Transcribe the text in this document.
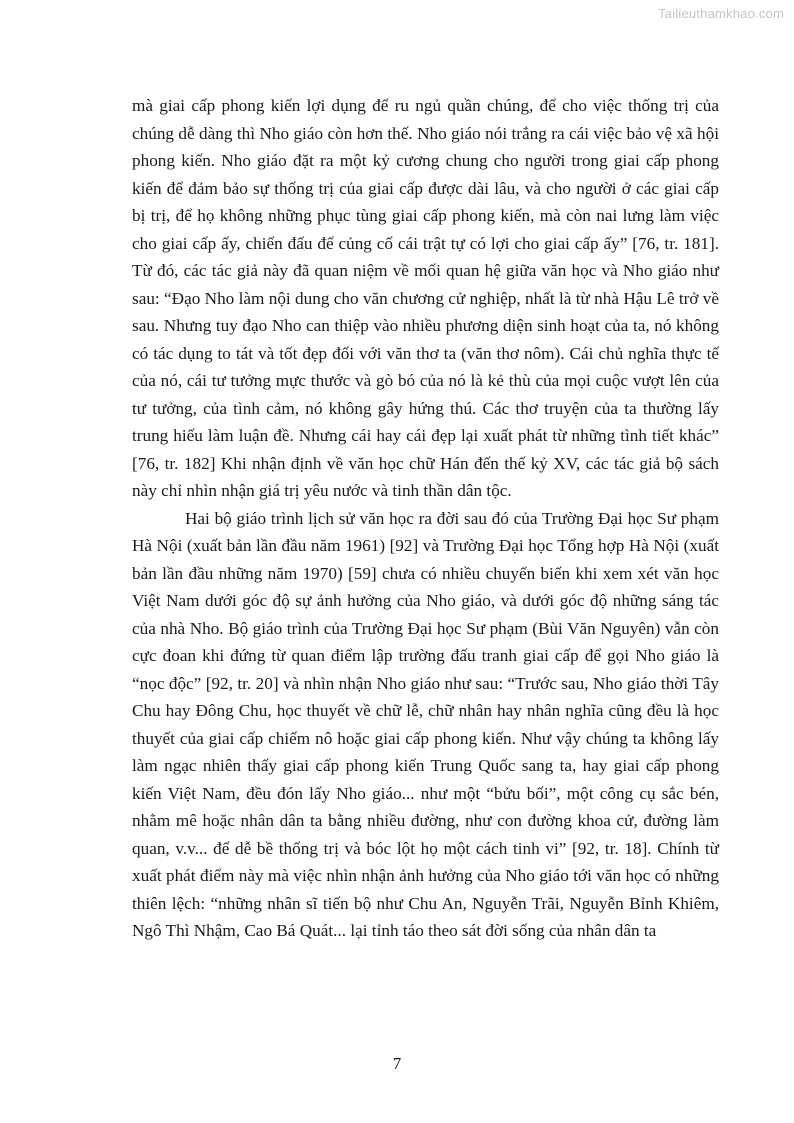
Tailieuthamkhao.com

mà giai cấp phong kiến lợi dụng để ru ngủ quần chúng, để cho việc thống trị của chúng dễ dàng thì Nho giáo còn hơn thế. Nho giáo nói trắng ra cái việc bảo vệ xã hội phong kiến. Nho giáo đặt ra một kỷ cương chung cho người trong giai cấp phong kiến để đảm bảo sự thống trị của giai cấp được dài lâu, và cho người ở các giai cấp bị trị, để họ không những phục tùng giai cấp phong kiến, mà còn nai lưng làm việc cho giai cấp ấy, chiến đấu để củng cố cái trật tự có lợi cho giai cấp ấy” [76, tr. 181]. Từ đó, các tác giả này đã quan niệm về mối quan hệ giữa văn học và Nho giáo như sau: “Đạo Nho làm nội dung cho văn chương cử nghiệp, nhất là từ nhà Hậu Lê trở về sau. Nhưng tuy đạo Nho can thiệp vào nhiều phương diện sinh hoạt của ta, nó không có tác dụng to tát và tốt đẹp đối với văn thơ ta (văn thơ nôm). Cái chủ nghĩa thực tế của nó, cái tư tưởng mực thước và gò bó của nó là kẻ thù của mọi cuộc vượt lên của tư tưởng, của tình cảm, nó không gây hứng thú. Các thơ truyện của ta thường lấy trung hiếu làm luận đề. Nhưng cái hay cái đẹp lại xuất phát từ những tình tiết khác” [76, tr. 182] Khi nhận định về văn học chữ Hán đến thế kỷ XV, các tác giả bộ sách này chỉ nhìn nhận giá trị yêu nước và tinh thần dân tộc.

Hai bộ giáo trình lịch sử văn học ra đời sau đó của Trường Đại học Sư phạm Hà Nội (xuất bản lần đầu năm 1961) [92] và Trường Đại học Tổng hợp Hà Nội (xuất bản lần đầu những năm 1970) [59] chưa có nhiều chuyển biến khi xem xét văn học Việt Nam dưới góc độ sự ảnh hưởng của Nho giáo, và dưới góc độ những sáng tác của nhà Nho. Bộ giáo trình của Trường Đại học Sư phạm (Bùi Văn Nguyên) vẫn còn cực đoan khi đứng từ quan điểm lập trường đấu tranh giai cấp để gọi Nho giáo là “nọc độc” [92, tr. 20] và nhìn nhận Nho giáo như sau: “Trước sau, Nho giáo thời Tây Chu hay Đông Chu, học thuyết về chữ lễ, chữ nhân hay nhân nghĩa cũng đều là học thuyết của giai cấp chiếm nô hoặc giai cấp phong kiến. Như vậy chúng ta không lấy làm ngạc nhiên thấy giai cấp phong kiến Trung Quốc sang ta, hay giai cấp phong kiến Việt Nam, đều đón lấy Nho giáo... như một “bửu bối”, một công cụ sắc bén, nhằm mê hoặc nhân dân ta bằng nhiều đường, như con đường khoa cử, đường làm quan, v.v... để dễ bề thống trị và bóc lột họ một cách tinh vi” [92, tr. 18]. Chính từ xuất phát điểm này mà việc nhìn nhận ảnh hưởng của Nho giáo tới văn học có những thiên lệch: “những nhân sĩ tiến bộ như Chu An, Nguyễn Trãi, Nguyễn Bỉnh Khiêm, Ngô Thì Nhậm, Cao Bá Quát... lại tỉnh táo theo sát đời sống của nhân dân ta

7
